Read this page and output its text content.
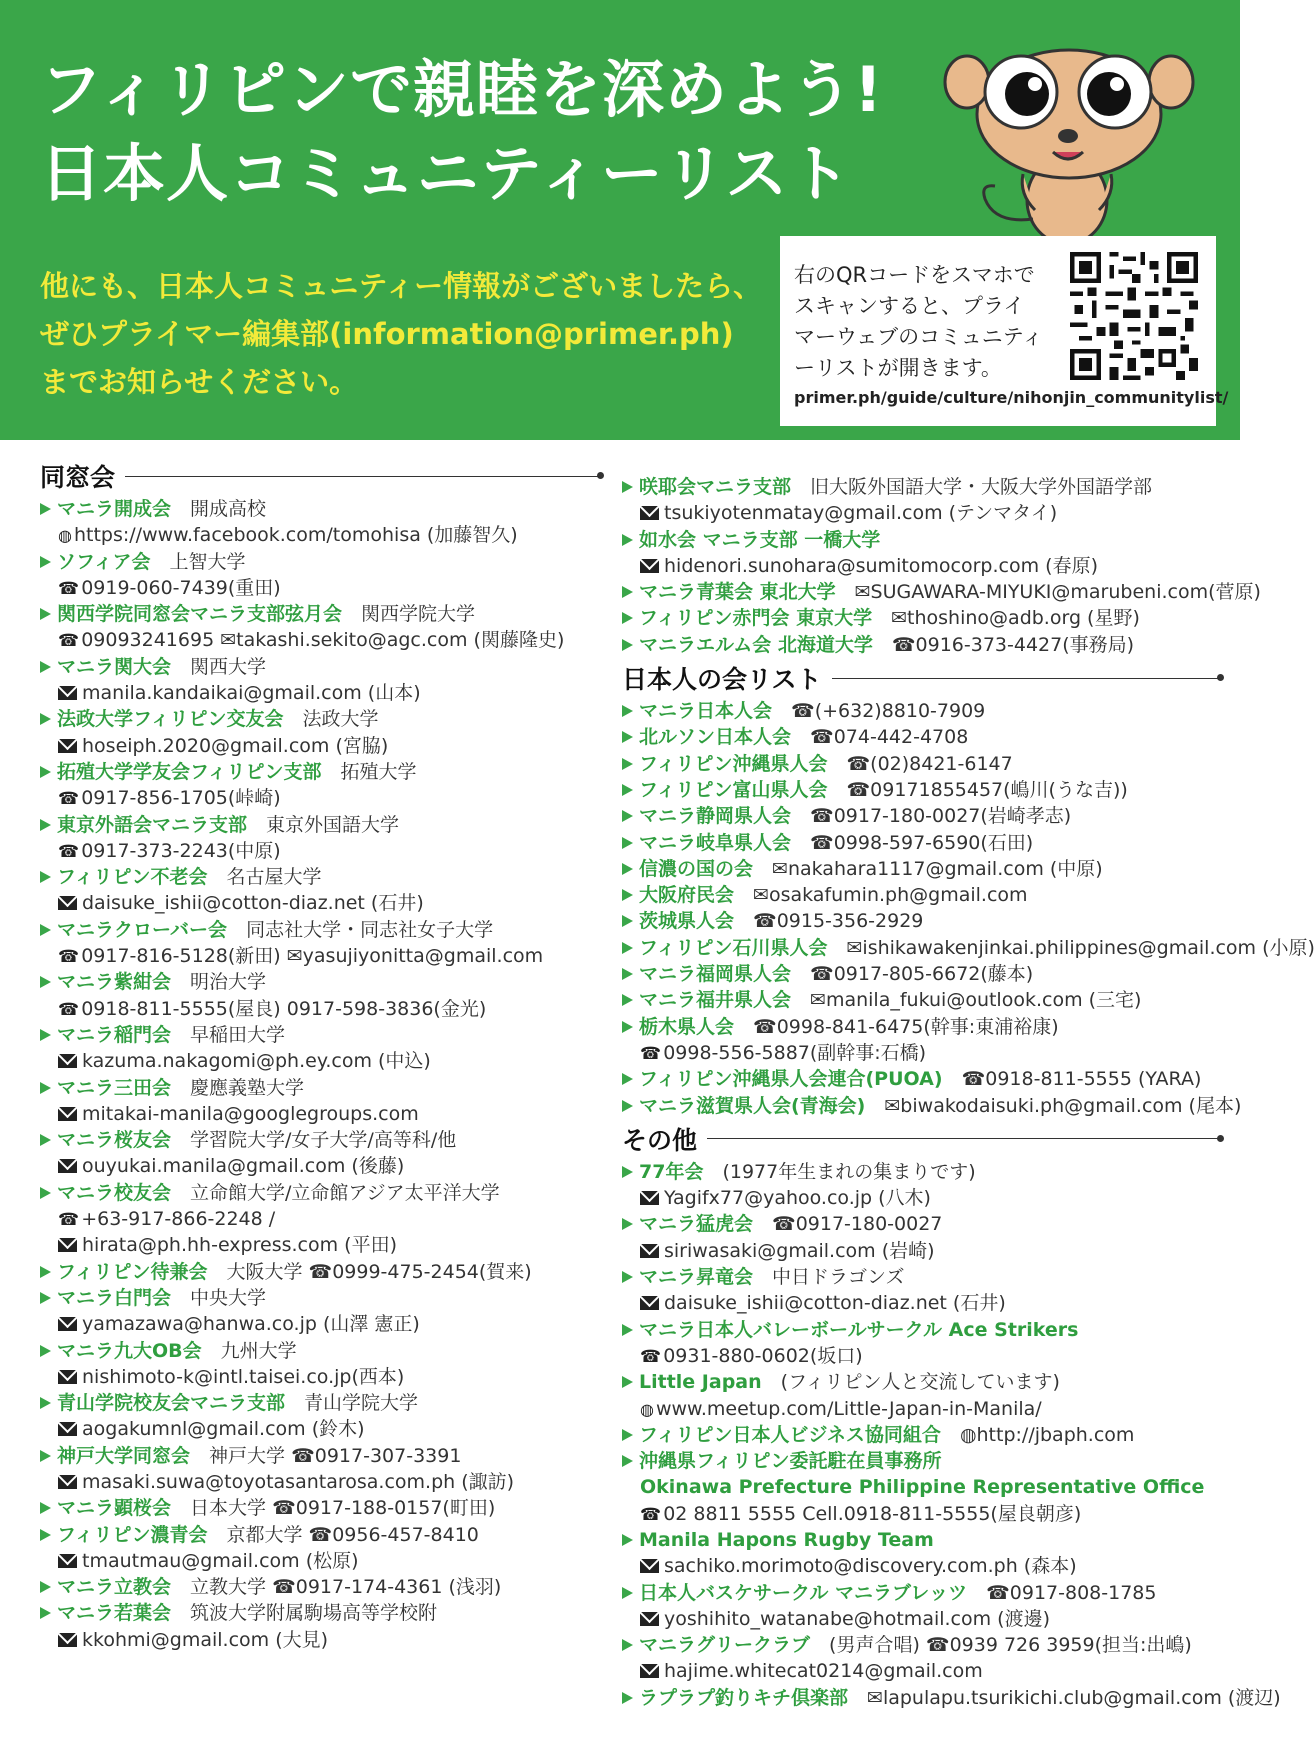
フィリピンで親睦を深めよう!
日本人コミュニティーリスト
他にも、日本人コミュニティー情報がございましたら、
ぜひプライマー編集部(information@primer.ph)
までお知らせください。
右のQRコードをスマホでスキャンすると、プライマーウェブのコミュニティーリストが開きます。
primer.ph/guide/culture/nihonjin_communitylist/
同窓会
マニラ開成会　 開成高校
◍ https://www.facebook.com/tomohisa (加藤智久)
ソフィア会　 上智大学
☎ 0919-060-7439(重田)
関西学院同窓会マニラ支部弦月会　 関西学院大学
☎ 09093241695 ✉takashi.sekito@agc.com (関藤隆史)
マニラ関大会　 関西大学
manila.kandaikai@gmail.com (山本)
法政大学フィリピン交友会　 法政大学
hoseiph.2020@gmail.com (宮脇)
拓殖大学学友会フィリピン支部　 拓殖大学
☎ 0917-856-1705(峠崎)
東京外語会マニラ支部　 東京外国語大学
☎ 0917-373-2243(中原)
フィリピン不老会　 名古屋大学
daisuke_ishii@cotton-diaz.net (石井)
マニラクローバー会　 同志社大学・同志社女子大学
☎ 0917-816-5128(新田) ✉yasujiyonitta@gmail.com
マニラ紫紺会　 明治大学
☎ 0918-811-5555(屋良) 0917-598-3836(金光)
マニラ稲門会　 早稲田大学
kazuma.nakagomi@ph.ey.com (中込)
マニラ三田会　 慶應義塾大学
mitakai-manila@googlegroups.com
マニラ桜友会　 学習院大学/女子大学/高等科/他
ouyukai.manila@gmail.com (後藤)
マニラ校友会　 立命館大学/立命館アジア太平洋大学
☎ +63-917-866-2248 /
hirata@ph.hh-express.com (平田)
フィリピン待兼会　 大阪大学 ☎0999-475-2454(賀来)
マニラ白門会　 中央大学
yamazawa@hanwa.co.jp (山澤 憲正)
マニラ九大OB会　 九州大学
nishimoto-k@intl.taisei.co.jp(西本)
青山学院校友会マニラ支部　 青山学院大学
aogakumnl@gmail.com (鈴木)
神戸大学同窓会　 神戸大学 ☎0917-307-3391
masaki.suwa@toyotasantarosa.com.ph (諏訪)
マニラ顕桜会　 日本大学 ☎0917-188-0157(町田)
フィリピン濃青会　 京都大学 ☎0956-457-8410
tmautmau@gmail.com (松原)
マニラ立教会　 立教大学 ☎0917-174-4361 (浅羽)
マニラ若葉会　 筑波大学附属駒場高等学校附
kkohmi@gmail.com (大見)
咲耶会マニラ支部　 旧大阪外国語大学・大阪大学外国語学部
tsukiyotenmatay@gmail.com (テンマタイ)
如水会 マニラ支部 一橋大学
hidenori.sunohara@sumitomocorp.com (春原)
マニラ青葉会 東北大学　 ✉SUGAWARA-MIYUKI@marubeni.com(菅原)
フィリピン赤門会 東京大学　 ✉thoshino@adb.org (星野)
マニラエルム会 北海道大学　 ☎0916-373-4427(事務局)
日本人の会リスト
マニラ日本人会　 ☎(+632)8810-7909
北ルソン日本人会　 ☎074-442-4708
フィリピン沖縄県人会　 ☎(02)8421-6147
フィリピン富山県人会　 ☎09171855457(嶋川(うな吉))
マニラ静岡県人会　 ☎0917-180-0027(岩崎孝志)
マニラ岐阜県人会　 ☎0998-597-6590(石田)
信濃の国の会　 ✉nakahara1117@gmail.com (中原)
大阪府民会　 ✉osakafumin.ph@gmail.com
茨城県人会　 ☎0915-356-2929
フィリピン石川県人会　 ✉ishikawakenjinkai.philippines@gmail.com (小原)
マニラ福岡県人会　 ☎0917-805-6672(藤本)
マニラ福井県人会　 ✉manila_fukui@outlook.com (三宅)
栃木県人会　 ☎0998-841-6475(幹事:東浦裕康)
☎ 0998-556-5887(副幹事:石橋)
フィリピン沖縄県人会連合(PUOA)　 ☎0918-811-5555 (YARA)
マニラ滋賀県人会(青海会)　 ✉biwakodaisuki.ph@gmail.com (尾本)
その他
77年会　 (1977年生まれの集まりです)
Yagifx77@yahoo.co.jp (八木)
マニラ猛虎会　 ☎0917-180-0027
siriwasaki@gmail.com (岩崎)
マニラ昇竜会　 中日ドラゴンズ
daisuke_ishii@cotton-diaz.net (石井)
マニラ日本人バレーボールサークル Ace Strikers
☎ 0931-880-0602(坂口)
Little Japan　 (フィリピン人と交流しています)
◍ www.meetup.com/Little-Japan-in-Manila/
フィリピン日本人ビジネス協同組合　 ◍http://jbaph.com
沖縄県フィリピン委託駐在員事務所
Okinawa Prefecture Philippine Representative Office
☎ 02 8811 5555 Cell.0918-811-5555(屋良朝彦)
Manila Hapons Rugby Team
sachiko.morimoto@discovery.com.ph (森本)
日本人バスケサークル マニラブレッツ　 ☎0917-808-1785
yoshihito_watanabe@hotmail.com (渡邊)
マニラグリークラブ　 (男声合唱) ☎0939 726 3959(担当:出嶋)
hajime.whitecat0214@gmail.com
ラプラプ釣りキチ倶楽部　 ✉lapulapu.tsurikichi.club@gmail.com (渡辺)
